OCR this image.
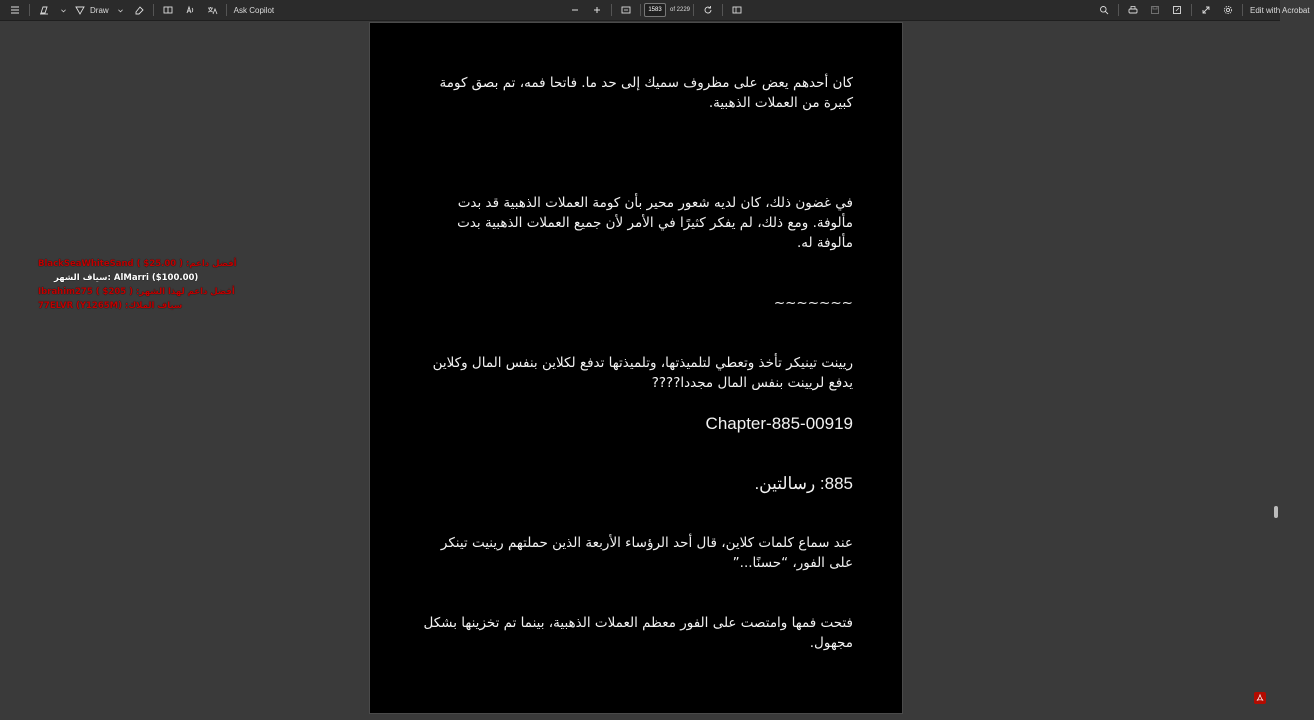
Draw	Ask Copilot
1583	of 2229	Edit with Acrobat
كان أحدهم يعض على مظروف سميك إلى حد ما. فاتحا فمه، تم بصق كومة
كبيرة من العملات الذهبية.
في غضون ذلك، كان لديه شعور محير بأن كومة العملات الذهبية قد بدت
مألوفة. ومع ذلك، لم يفكر كثيرًا في الأمر لأن جميع العملات الذهبية بدت
مألوفة له.
~~~~~~~
ريينت تينيكر تأخذ وتعطي لتلميذتها، وتلميذتها تدفع لكلاين بنفس المال وكلاين
يدفع لريينت بنفس المال مجددا????
Chapter-885-00919
885: رسالتين.
عند سماع كلمات كلاين، قال أحد الرؤساء الأربعة الذين حملتهم رينيت تينكر
على الفور، “حسنًا...”
فتحت فمها وامتصت على الفور معظم العملات الذهبية، بينما تم تخزينها بشكل
مجهول.
BlackSeaWhiteSand ( $25.00 ) :أفضل داعم
سياف الشهر: AlMarri ($100.00)
Ibrahim275 ( $205 ) :أفضل داعم لهذا الشهر
77ELVR (Y1265M) :سياف الملاك
